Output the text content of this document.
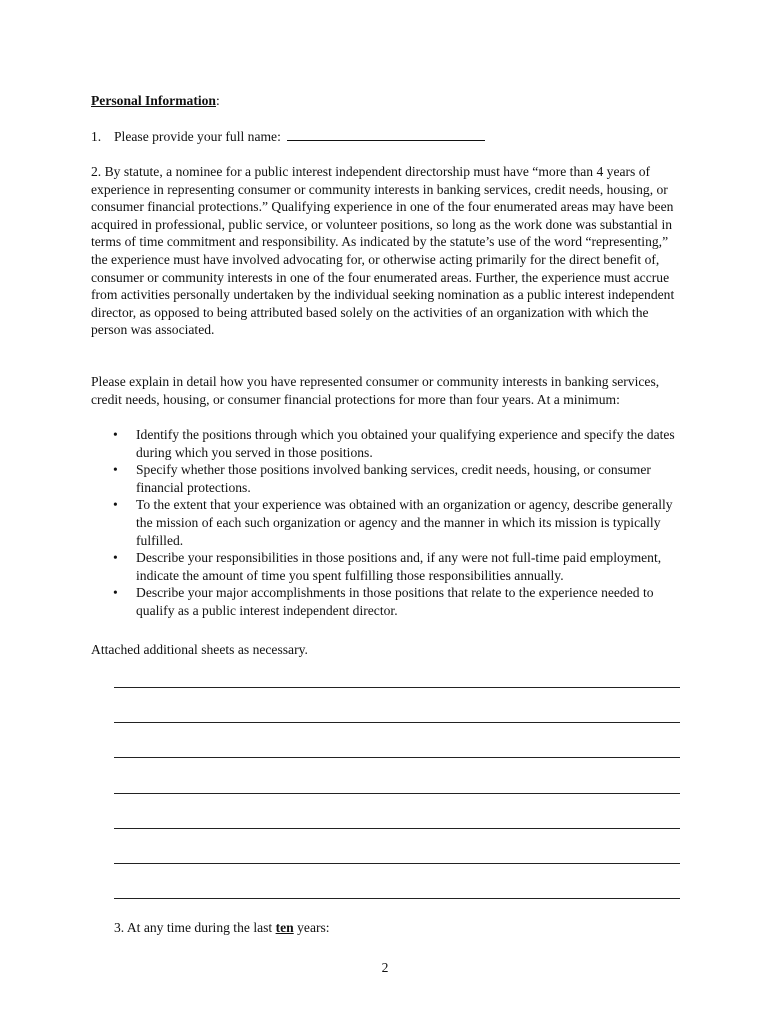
Personal Information:
1. Please provide your full name:
2. By statute, a nominee for a public interest independent directorship must have “more than 4 years of experience in representing consumer or community interests in banking services, credit needs, housing, or consumer financial protections.” Qualifying experience in one of the four enumerated areas may have been acquired in professional, public service, or volunteer positions, so long as the work done was substantial in terms of time commitment and responsibility. As indicated by the statute’s use of the word “representing,” the experience must have involved advocating for, or otherwise acting primarily for the direct benefit of, consumer or community interests in one of the four enumerated areas. Further, the experience must accrue from activities personally undertaken by the individual seeking nomination as a public interest independent director, as opposed to being attributed based solely on the activities of an organization with which the person was associated.
Please explain in detail how you have represented consumer or community interests in banking services, credit needs, housing, or consumer financial protections for more than four years. At a minimum:
• Identify the positions through which you obtained your qualifying experience and specify the dates during which you served in those positions.
• Specify whether those positions involved banking services, credit needs, housing, or consumer financial protections.
• To the extent that your experience was obtained with an organization or agency, describe generally the mission of each such organization or agency and the manner in which its mission is typically fulfilled.
• Describe your responsibilities in those positions and, if any were not full-time paid employment, indicate the amount of time you spent fulfilling those responsibilities annually.
• Describe your major accomplishments in those positions that relate to the experience needed to qualify as a public interest independent director.
Attached additional sheets as necessary.
3. At any time during the last ten years:
2
